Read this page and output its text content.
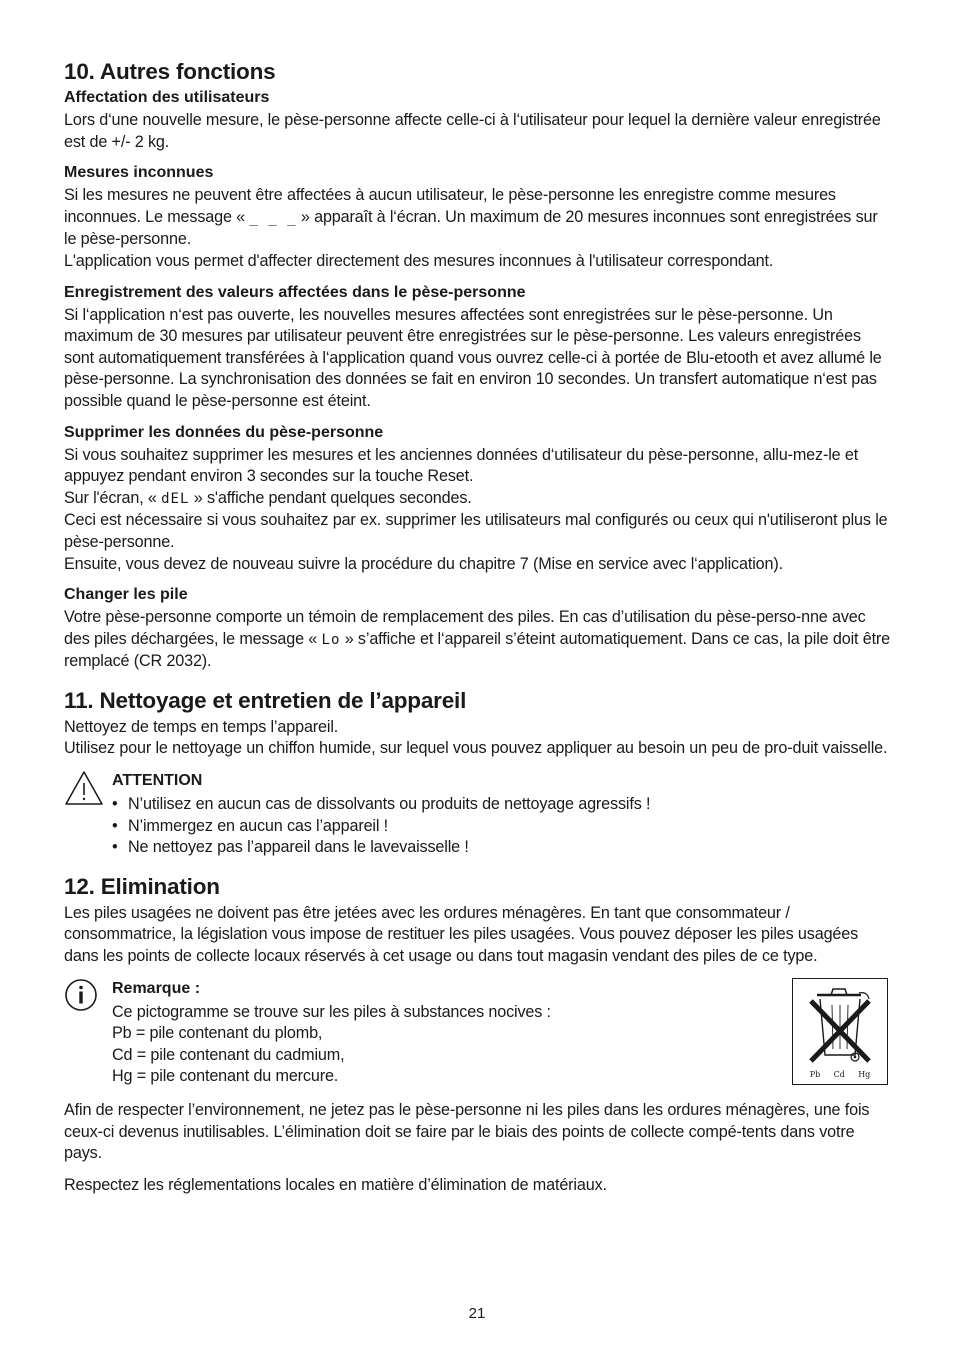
10. Autres fonctions
Affectation des utilisateurs

Lors d‘une nouvelle mesure, le pèse-personne affecte celle-ci à l‘utilisateur pour lequel la dernière valeur enregistrée est de +/- 2 kg.

Mesures inconnues

Si les mesures ne peuvent être affectées à aucun utilisateur, le pèse-personne les enregistre comme mesures inconnues. Le message « _ _ _ » apparaît à l‘écran. Un maximum de 20 mesures inconnues sont enregistrées sur le pèse-personne.

L'application vous permet d'affecter directement des mesures inconnues à l'utilisateur correspondant.

Enregistrement des valeurs affectées dans le pèse-personne

Si l‘application n‘est pas ouverte, les nouvelles mesures affectées sont enregistrées sur le pèse-personne. Un maximum de 30 mesures par utilisateur peuvent être enregistrées sur le pèse-personne. Les valeurs enregistrées sont automatiquement transférées à l‘application quand vous ouvrez celle-ci à portée de Blu-etooth et avez allumé le pèse-personne. La synchronisation des données se fait en environ 10 secondes. Un transfert automatique n‘est pas possible quand le pèse-personne est éteint.

Supprimer les données du pèse-personne

Si vous souhaitez supprimer les mesures et les anciennes données d‘utilisateur du pèse-personne, allu-mez-le et appuyez pendant environ 3 secondes sur la touche Reset.

Sur l'écran, « dEL » s'affiche pendant quelques secondes.

Ceci est nécessaire si vous souhaitez par ex. supprimer les utilisateurs mal configurés ou ceux qui n'utiliseront plus le pèse-personne.

Ensuite, vous devez de nouveau suivre la procédure du chapitre 7 (Mise en service avec l‘application).

Changer les pile

Votre pèse-personne comporte un témoin de remplacement des piles. En cas d’utilisation du pèse-perso-nne avec des piles déchargées, le message « Lo » s’affiche et l‘appareil s’éteint automatiquement. Dans ce cas, la pile doit être remplacé (CR 2032).

11. Nettoyage et entretien de l’appareil

Nettoyez de temps en temps l’appareil.

Utilisez pour le nettoyage un chiffon humide, sur lequel vous pouvez appliquer au besoin un peu de pro-duit vaisselle.

ATTENTION
• N’utilisez en aucun cas de dissolvants ou produits de nettoyage agressifs !
• N’immergez en aucun cas l’appareil !
• Ne nettoyez pas l’appareil dans le lavevaisselle !
12. Elimination

Les piles usagées ne doivent pas être jetées avec les ordures ménagères. En tant que consommateur / consommatrice, la législation vous impose de restituer les piles usagées. Vous pouvez déposer les piles usagées dans les points de collecte locaux réservés à cet usage ou dans tout magasin vendant des piles de ce type.

Remarque :

Ce pictogramme se trouve sur les piles à substances nocives :

Pb = pile contenant du plomb,

Cd = pile contenant du cadmium,

Hg = pile contenant du mercure.	Pb Cd Hg

Afin de respecter l’environnement, ne jetez pas le pèse-personne ni les piles dans les ordures ménagères, une fois ceux-ci devenus inutilisables. L’élimination doit se faire par le biais des points de collecte compé-tents dans votre pays.

Respectez les réglementations locales en matière d’élimination de matériaux.

21
